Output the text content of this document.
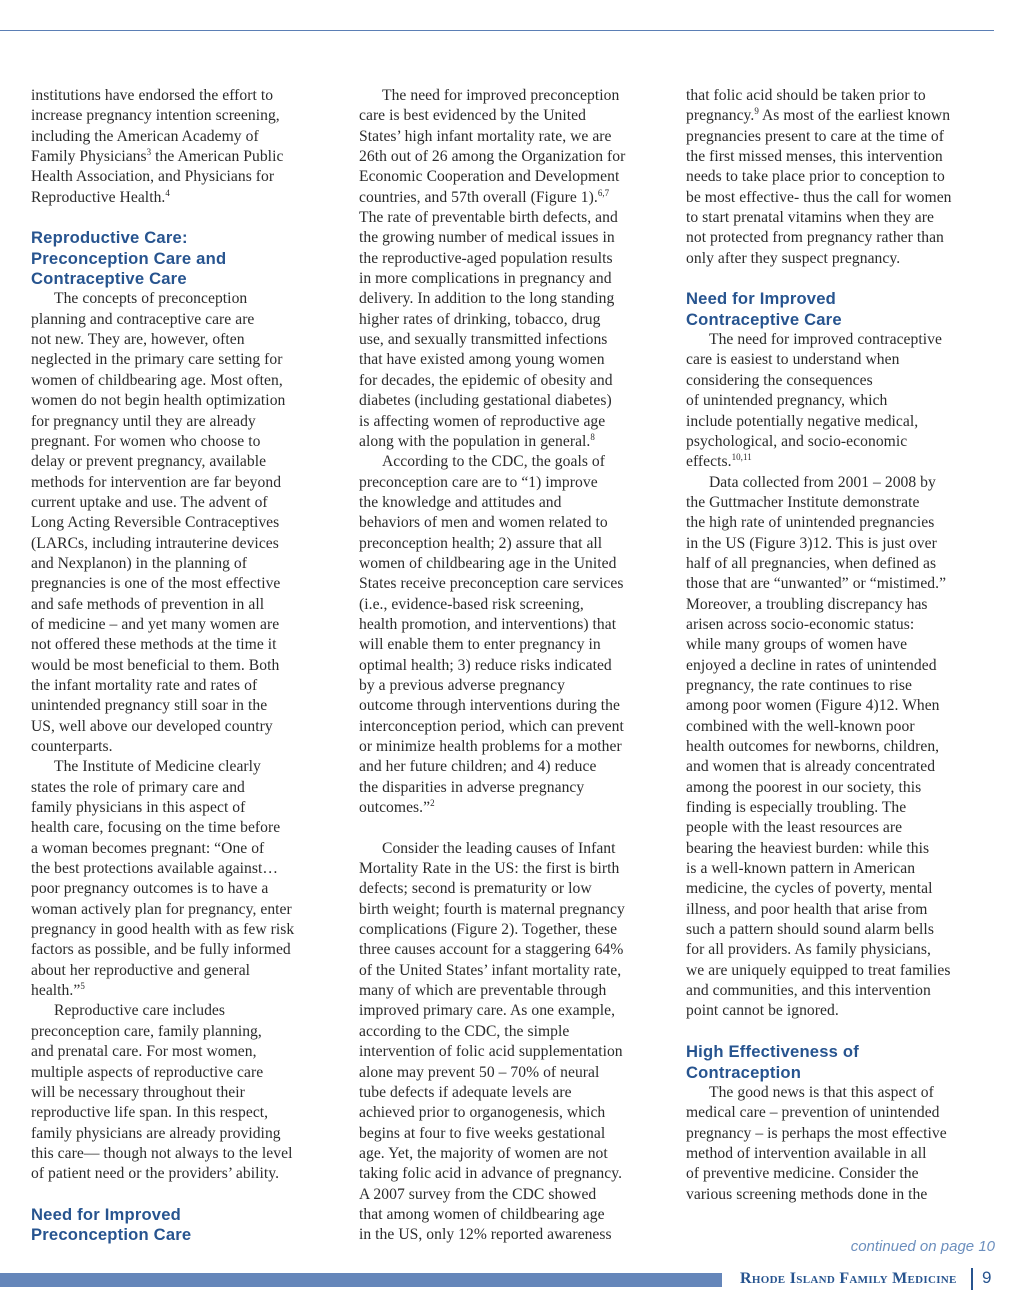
institutions have endorsed the effort to
increase pregnancy intention screening,
including the American Academy of
Family Physicians$^3$ the American Public
Health Association, and Physicians for
Reproductive Health.$^4$

Reproductive Care:
Preconception Care and
Contraceptive Care

The concepts of preconception
planning and contraceptive care are
not new. They are, however, often
neglected in the primary care setting for
women of childbearing age. Most often,
women do not begin health optimization
for pregnancy until they are already
pregnant. For women who choose to
delay or prevent pregnancy, available
methods for intervention are far beyond
current uptake and use. The advent of
Long Acting Reversible Contraceptives
(LARCs, including intrauterine devices
and Nexplanon) in the planning of
pregnancies is one of the most effective
and safe methods of prevention in all
of medicine – and yet many women are
not offered these methods at the time it
would be most beneficial to them. Both
the infant mortality rate and rates of
unintended pregnancy still soar in the
US, well above our developed country
counterparts.

The Institute of Medicine clearly
states the role of primary care and
family physicians in this aspect of
health care, focusing on the time before
a woman becomes pregnant: “One of
the best protections available against…
poor pregnancy outcomes is to have a
woman actively plan for pregnancy, enter
pregnancy in good health with as few risk
factors as possible, and be fully informed
about her reproductive and general
health.”$^5$

Reproductive care includes
preconception care, family planning,
and prenatal care. For most women,
multiple aspects of reproductive care
will be necessary throughout their
reproductive life span. In this respect,
family physicians are already providing
this care— though not always to the level
of patient need or the providers’ ability.

Need for Improved
Preconception Care

The need for improved preconception
care is best evidenced by the United
States’ high infant mortality rate, we are
26th out of 26 among the Organization for
Economic Cooperation and Development
countries, and 57th overall (Figure 1).$^{6,7}$
The rate of preventable birth defects, and
the growing number of medical issues in
the reproductive-aged population results
in more complications in pregnancy and
delivery. In addition to the long standing
higher rates of drinking, tobacco, drug
use, and sexually transmitted infections
that have existed among young women
for decades, the epidemic of obesity and
diabetes (including gestational diabetes)
is affecting women of reproductive age
along with the population in general.$^8$

According to the CDC, the goals of
preconception care are to “1) improve
the knowledge and attitudes and
behaviors of men and women related to
preconception health; 2) assure that all
women of childbearing age in the United
States receive preconception care services
(i.e., evidence-based risk screening,
health promotion, and interventions) that
will enable them to enter pregnancy in
optimal health; 3) reduce risks indicated
by a previous adverse pregnancy
outcome through interventions during the
interconception period, which can prevent
or minimize health problems for a mother
and her future children; and 4) reduce
the disparities in adverse pregnancy
outcomes.”$^2$

Consider the leading causes of Infant
Mortality Rate in the US: the first is birth
defects; second is prematurity or low
birth weight; fourth is maternal pregnancy
complications (Figure 2). Together, these
three causes account for a staggering 64%
of the United States’ infant mortality rate,
many of which are preventable through
improved primary care. As one example,
according to the CDC, the simple
intervention of folic acid supplementation
alone may prevent 50 – 70% of neural
tube defects if adequate levels are
achieved prior to organogenesis, which
begins at four to five weeks gestational
age. Yet, the majority of women are not
taking folic acid in advance of pregnancy.
A 2007 survey from the CDC showed
that among women of childbearing age
in the US, only 12% reported awareness

that folic acid should be taken prior to
pregnancy.$^9$ As most of the earliest known
pregnancies present to care at the time of
the first missed menses, this intervention
needs to take place prior to conception to
be most effective- thus the call for women
to start prenatal vitamins when they are
not protected from pregnancy rather than
only after they suspect pregnancy.

Need for Improved
Contraceptive Care

The need for improved contraceptive
care is easiest to understand when
considering the consequences
of unintended pregnancy, which
include potentially negative medical,
psychological, and socio-economic
effects.$^{10,11}$

Data collected from 2001 – 2008 by
the Guttmacher Institute demonstrate
the high rate of unintended pregnancies
in the US (Figure 3)12. This is just over
half of all pregnancies, when defined as
those that are “unwanted” or “mistimed.”
Moreover, a troubling discrepancy has
arisen across socio-economic status:
while many groups of women have
enjoyed a decline in rates of unintended
pregnancy, the rate continues to rise
among poor women (Figure 4)12. When
combined with the well-known poor
health outcomes for newborns, children,
and women that is already concentrated
among the poorest in our society, this
finding is especially troubling. The
people with the least resources are
bearing the heaviest burden: while this
is a well-known pattern in American
medicine, the cycles of poverty, mental
illness, and poor health that arise from
such a pattern should sound alarm bells
for all providers. As family physicians,
we are uniquely equipped to treat families
and communities, and this intervention
point cannot be ignored.

High Effectiveness of
Contraception

The good news is that this aspect of
medical care – prevention of unintended
pregnancy – is perhaps the most effective
method of intervention available in all
of preventive medicine. Consider the
various screening methods done in the

continued on page 10
Rhode Island Family Medicine 9
